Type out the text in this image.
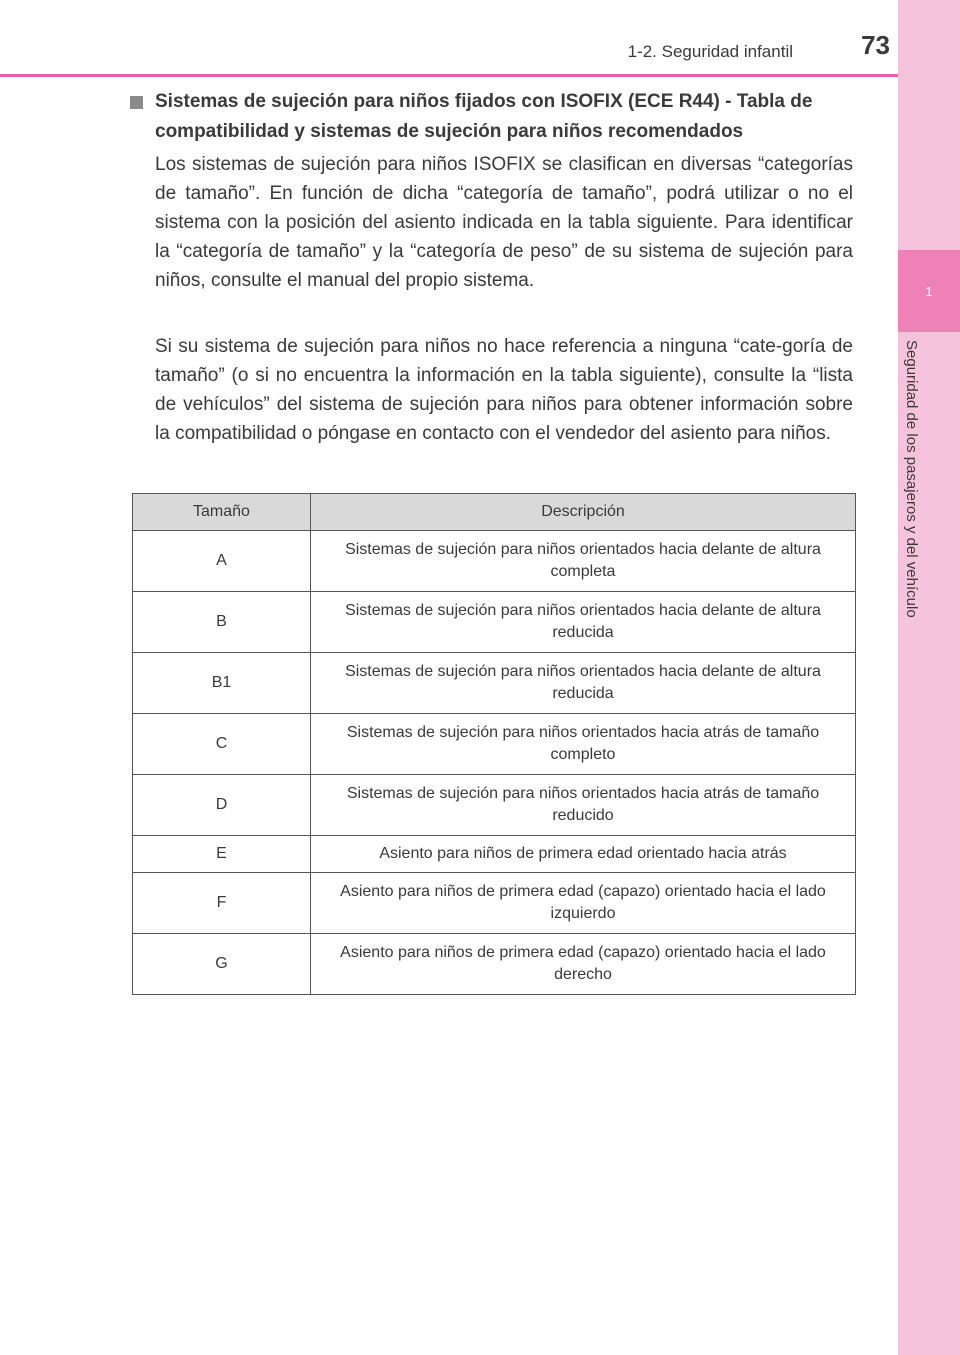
1-2. Seguridad infantil	73
1
Seguridad de los pasajeros y del vehículo
Sistemas de sujeción para niños fijados con ISOFIX (ECE R44) - Tabla de compatibilidad y sistemas de sujeción para niños recomendados

Los sistemas de sujeción para niños ISOFIX se clasifican en diversas “categorías de tamaño”. En función de dicha “categoría de tamaño”, podrá utilizar o no el sistema con la posición del asiento indicada en la tabla siguiente. Para identificar la “categoría de tamaño” y la “categoría de peso” de su sistema de sujeción para niños, consulte el manual del propio sistema.

Si su sistema de sujeción para niños no hace referencia a ninguna “cate-goría de tamaño” (o si no encuentra la información en la tabla siguiente), consulte la “lista de vehículos” del sistema de sujeción para niños para obtener información sobre la compatibilidad o póngase en contacto con el vendedor del asiento para niños.

Tamaño	Descripción
A	Sistemas de sujeción para niños orientados hacia delante de altura completa
B	Sistemas de sujeción para niños orientados hacia delante de altura reducida
B1	Sistemas de sujeción para niños orientados hacia delante de altura reducida
C	Sistemas de sujeción para niños orientados hacia atrás de tamaño completo
D	Sistemas de sujeción para niños orientados hacia atrás de tamaño reducido
E	Asiento para niños de primera edad orientado hacia atrás
F	Asiento para niños de primera edad (capazo) orientado hacia el lado izquierdo
G	Asiento para niños de primera edad (capazo) orientado hacia el lado derecho
